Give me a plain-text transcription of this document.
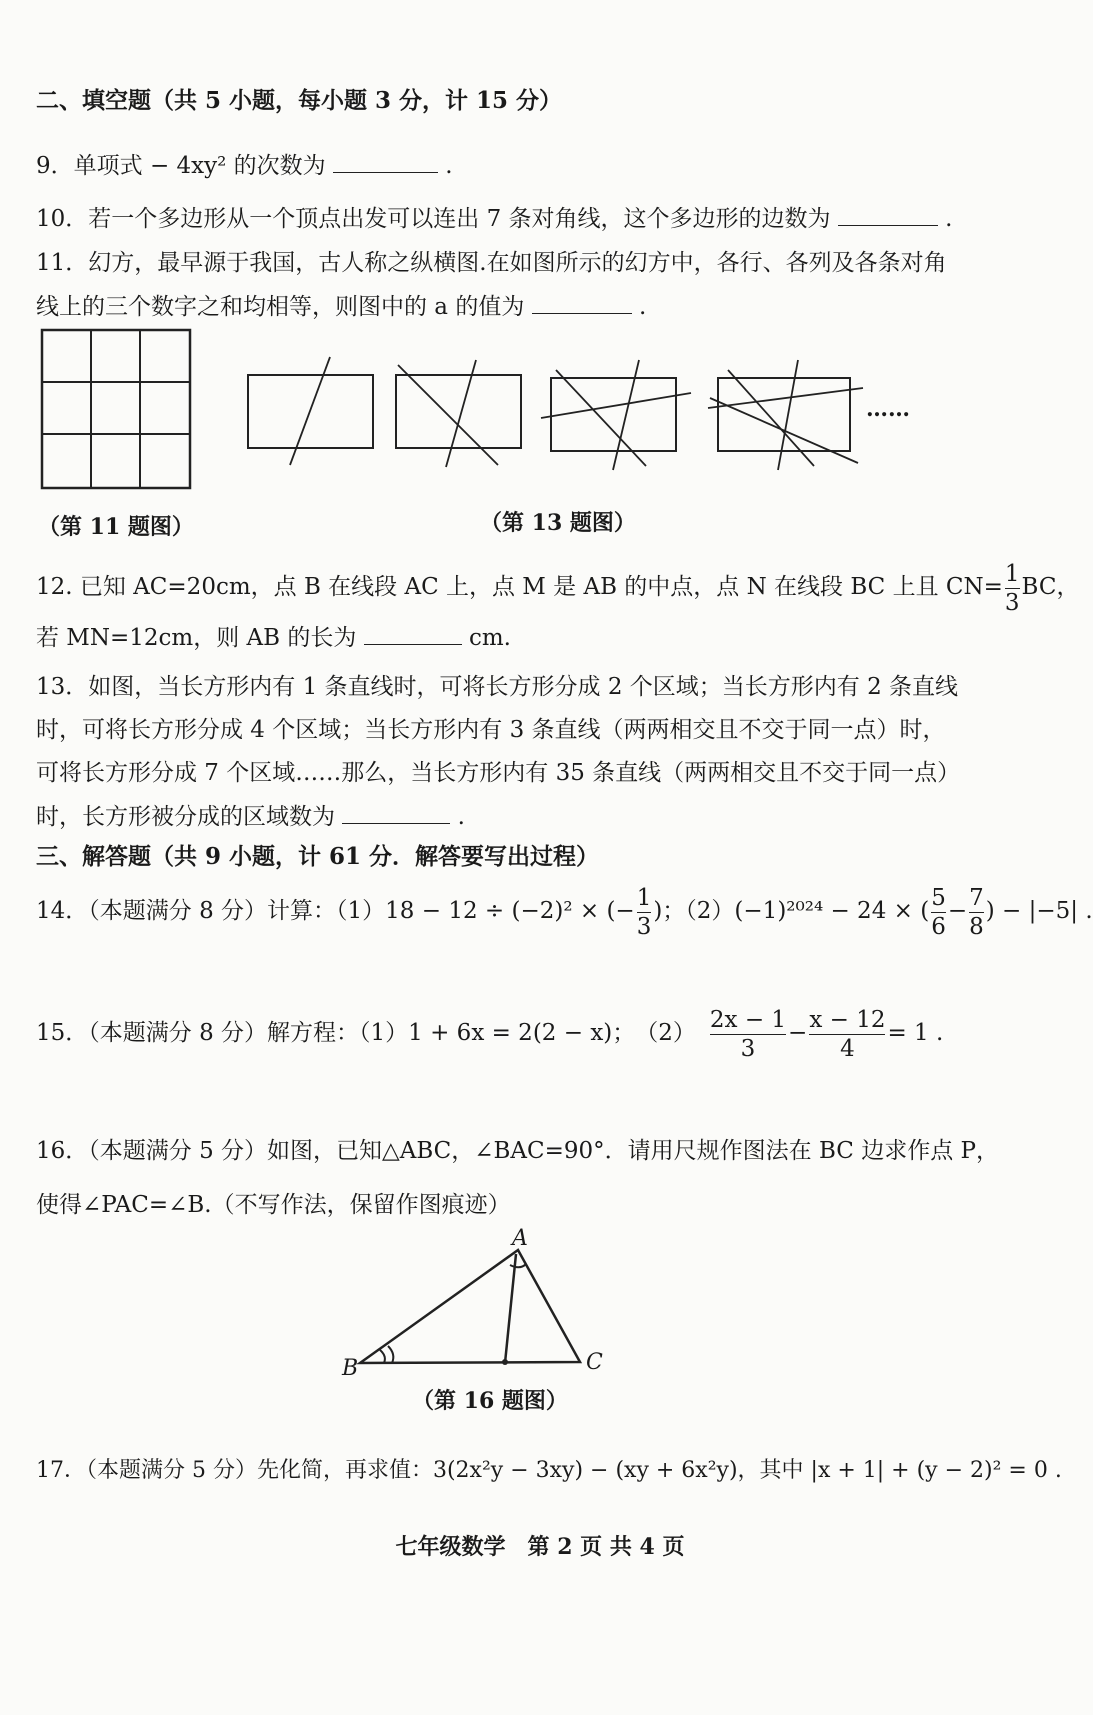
二、填空题（共 5 小题，每小题 3 分，计 15 分）
9．单项式 − 4xy² 的次数为	.
10．若一个多边形从一个顶点出发可以连出 7 条对角线，这个多边形的边数为	.
11．幻方，最早源于我国，古人称之纵横图.在如图所示的幻方中，各行、各列及各条对角
线上的三个数字之和均相等，则图中的 a 的值为	.
……
（第 11 题图）	（第 13 题图）
12. 已知 AC=20cm，点 B 在线段 AC 上，点 M 是 AB 的中点，点 N 在线段 BC 上且 $CN= \frac{1}{3}$ BC，
若 MN=12cm，则 AB 的长为	cm.
13．如图，当长方形内有 1 条直线时，可将长方形分成 2 个区域；当长方形内有 2 条直线
时，可将长方形分成 4 个区域；当长方形内有 3 条直线（两两相交且不交于同一点）时，
可将长方形分成 7 个区域……那么，当长方形内有 35 条直线（两两相交且不交于同一点）
时，长方形被分成的区域数为	.
三、解答题（共 9 小题，计 61 分．解答要写出过程）
14．（本题满分 8 分）计算：（1）18 − 12 ÷ (−2)² × (− $\frac{1}{3}$ )；（2）(−1)²⁰²⁴ − 24 × ( $\frac{5}{6} - \frac{7}{8}$ ) − |−5| .
15．（本题满分 8 分）解方程：（1）1 + 6x = 2(2 − x)；　$(2) \frac{2x - 1}{3} - \frac{x - 12}{4} = 1$ .
16．（本题满分 5 分）如图，已知△ABC，∠BAC=90°．请用尺规作图法在 BC 边求作点 P，
使得∠PAC=∠B.（不写作法，保留作图痕迹）
A
B	C
（第 16 题图）
17．（本题满分 5 分）先化简，再求值：3(2x²y − 3xy) − (xy + 6x²y)，其中 |x + 1| + (y − 2)² = 0 .
七年级数学　第 2 页 共 4 页
